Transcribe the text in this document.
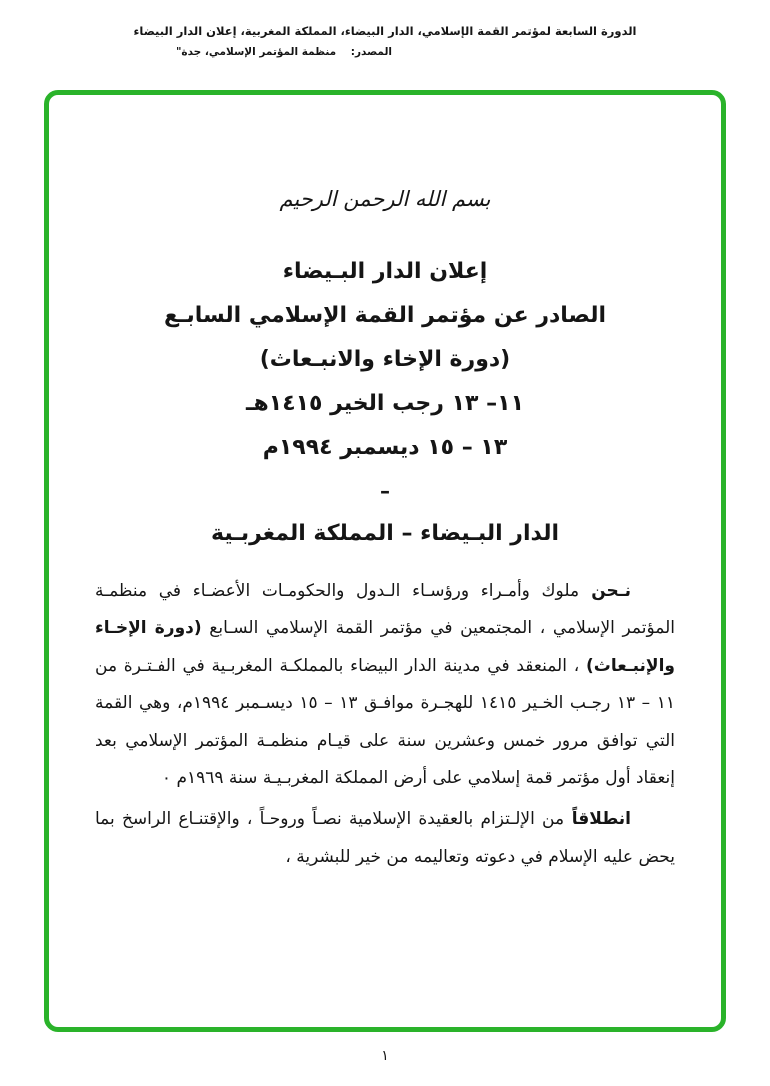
الدورة السابعة لمؤتمر القمة الإسلامي، الدار البيضاء، المملكة المغربية، إعلان الدار البيضاء
المصدر:    منظمة المؤتمر الإسلامي، جدة"
بسم الله الرحمن الرحيم
إعلان الدار البـيضاء
الصادر عن مؤتمر القمة الإسلامي السابـع
(دورة الإخاء والانبـعاث)
١١– ١٣ رجب الخير ١٤١٥هـ
١٣ – ١٥ ديسمبر ١٩٩٤م
–
الدار البـيضاء – المملكة المغربـية

نـحن ملوك وأمـراء ورؤسـاء الـدول والحكومـات الأعضـاء في منظمـة المؤتمر الإسلامي ، المجتمعين في مؤتمر القمة الإسلامي السـابع (دورة الإخـاء والإنبـعاث) ، المنعقد في مدينة الدار البيضاء بالمملكـة المغربـية في الفـتـرة من ١١ – ١٣ رجـب الخـير ١٤١٥ للهجـرة موافـق ١٣ – ١٥ ديسـمبر ١٩٩٤م، وهي القمة التي توافق مرور خمس وعشرين سنة على قيـام منظمـة المؤتمر الإسلامي بعد إنعقاد أول مؤتمر قمة إسلامي على أرض المملكة المغربـيـة سنة ١٩٦٩م ٠

انطلاقاً من الإلـتزام بالعقيدة الإسلامية نصـاً وروحـاً ، والإقتنـاع الراسخ بما يحض عليه الإسلام في دعوته وتعاليمه من خير للبشرية ،

١
